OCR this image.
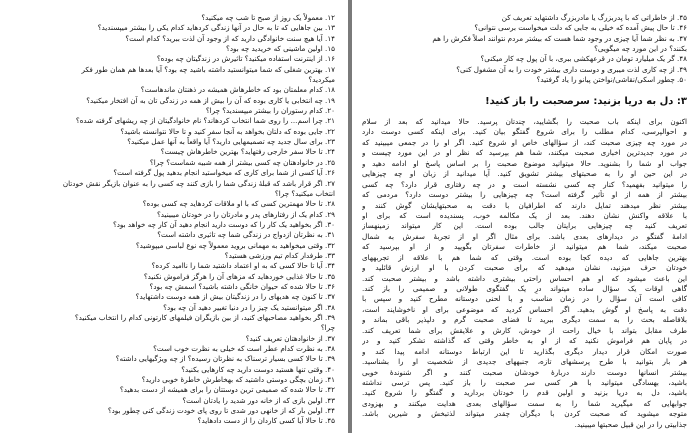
۱۲. معمولاً یک روز از صبح تا شب چه میکنید؟
۱۳. بین جاهایی که تا به حال در آنها زندگی کردهاید کدام یکی را بیشتر میپسندید؟
۱۴. آیا هیچ سنت خانوادگی دارید که از وجود آن لذت ببرید؟ کدام است؟
۱۵. اولین ماشینی که خریدید چه بود؟
۱۶. از اینترنت استفاده میکنید؟ تاثیرش در زندگیتان چه بوده؟
۱۷. بهترین شغلی که شما میتوانستید داشته باشید چه بود؟ آیا بعدها هم همان طور فکر
میکردید؟
۱۸. کدام معلمتان بود که خاطرهاش همیشه در ذهنتان ماندهاست؟
۱۹. چه انتخابی یا کاری بوده که آن را بیش از همه در زندگی تان به آن افتخار میکنید؟
۲۰. کدام رستوران را بیشتر میپسندید؟ چرا؟
۲۱. چرا اسم... را روی شما انتخاب کردهاند؟ نام خانوادگیتان از چه ریشهای گرفته شده؟
۲۲. جایی بوده که دلتان بخواهد به آنجا سفر کنید و تا حالا نتوانسته باشید؟
۲۳. برای سال جدید چه تصمیمهایی دارید؟ آیا واقعاً به آنها عمل میکنید؟
۲۴. تا حالا سفر خارجی رفتهاید؟ بهترین خاطرهاش چیست؟
۲۵. در خانوادهتان چه کسی بیشتر از همه شبیه شماست؟ چرا؟
۲۶. آیا کسی از شما برای کاری که میخواستید انجام بدهید پول گرفته است؟
۲۷. اگر قرار باشد که قبلهٔ زندگی شما را بازی کنند چه کسی را به عنوان بازیگر نقش خودتان
انتخاب میکنید؟ چرا؟
۲۸. تا حالا مهمترین کسی که با او ملاقات کردهاید چه کسی بوده؟
۲۹. کدام یک از رفتارهای پدر و مادرتان را در خودتان میبینید؟
۳۰. اگر بخواهید یک کار را که دوست دارید انجام دهید آن کار چه خواهد بود؟
۳۱. به نظرتان ازدواج در زندگی شما چه تاثیری داشته است؟
۳۲. وقتی میخواهید به مهمانی بروید معمولاً چه نوع لباسی میپوشید؟
۳۳. طرفدار کدام تیم ورزشی هستید؟
۳۴. آیا تا حالا کسی که به او اعتماد داشتید شما را ناامید کرده؟
۳۵. تا حالا غذایی خوردهاید که مزهای آن را هرگز فراموش نکنید؟
۳۶. تا حالا شده که حیوان خانگی داشته باشید؟ اسمش چه بود؟
۳۷. تا کنون چه هدیهای را در زندگیتان بیش از همه دوست داشتهاید؟
۳۸. اگر میتوانستید یک چیز را در دنیا تغییر دهید آن چه بود؟
۳۹. اگر بخواهید مصاحبهای کنید، از بین بازیگران فیلمهای کارتونی کدام را انتخاب میکنید؟
چرا؟
۳۷. از خانوادهتان تعریف کنید؟
۳۸. به نظرت کدام عطر است که خیلی به نظرت خوب است؟
۳۹. تا حالا کسی بسیار ترسناک به نظرتان رسیده؟ از چه ویژگیهایی داشته؟
۴۰. وقتی تنها هستید دوست دارید چه کارهایی بکنید؟
۴۱. زمان بچگی دوستی داشتید که بهخاطرش خاطرهٔ خوبی دارید؟
۴۲. تا حالا شده که صمیمی ترین دوستتان را برای همیشه از دست بدهید؟
۴۳. اولین بازی که از خانه دور شدید را یادتان است؟
۴۴. اولین بار که از خانهی دور شدی تا روی پای خودت زندگی کنی چطور بود؟
۴۵. تا حالا آیا کسی کاردان را از دست دادهاید؟
۴۵. از خاطراتی که با پدربزرگ یا مادربزرگ داشتهاید تعریف کن
۴۶. تا حال پیش آمده که خیلی به جایی که دلت میخواست برسی نتوانی؟
۴۷. به نظر شما آیا چیزی در وجود شما هست که بیشتر مردم نتوانند اصلاً فکرش را هم
بکنند؟ در این مورد چه میگویی؟
۴۸. گر یک میلیارد تومان در قرعهکشی ببری، با آن پول چه کار میکنی؟
۴۹. از چه کاری لذت میبری و دوست داری بیشتر خودت را به آن مشغول کنی؟
۵۰. چطور اسکی/نقاشی/نواختن پیانو را یاد گرفتید؟
۳: دل به دریا بزنید: سرصحبت را باز کنید!
اکنون برای اینکه باب صحبت را بگشایید، چندتان پرسید. حالا میدانید که بعد از سلام
و احوالپرسی، کدام مطلب را برای شروع گفتگو بیان کنید. برای اینکه کسی دوست دارد
در مورد چه چیزی صحبت کند، از سؤالهای خاص او شروع کنید. اگر او را در جمعی میبینید که
در مورد جدیدترین اخباری صحبت میکنند، شما هم بپرسید که نظر او در این مورد چیست و
جواب او شما را بشنوید. حالا میتوانید موضوع صحبت را بر اساس پاسخ او ادامه دهید و
در این حین او را به صحبتهای بیشتر تشویق کنید. آیا میدانید از زبان او چه چیزهایی
را میتوانید بفهمید؟ کنار چه کسی نشسته است و در چه رفتاری قرار دارد؟ چه کسی
بیشتر از همه از او تأثیر گرفته است؟ چه چیزهایی را بیشتر دوست دارد؟ مردمی که
بیشتر نظر میدهند تمایل دارند که اطرافیان با دقت به صحبتهایشان گوش کنند و
با علاقه واکنش نشان دهند. بعد از یک مکالمه خوب، پسندیده است که برای او
تعریف کنید چه چیزهایی برایتان جالب بوده است. این کار میتواند زمینهساز
ادامهٔ گفتگو در دیدارهای بعدی باشد. برای مثال اگر او از تجربهٔ سفرش به شمال
صحبت میکند، شما هم میتوانید از خاطرات سفرتان بگویید و از او بپرسید که
بهترین جاهایی که دیده کجا بوده است. وقتی که شما هم با علاقه از تجربههای
خودتان حرف میزنید، نشان میدهید که برای صحبت کردن با او ارزش قائلید و
این باعث میشود که او هم احساس راحتی بیشتری داشته باشد و بیشتر صحبت کند.
گاهی اوقات یک سؤال ساده میتواند درِ یک گفتگوی طولانی و صمیمی را باز کند.
کافی است آن سؤال را در زمان مناسب و با لحنی دوستانه مطرح کنید و سپس با
دقت به پاسخ او گوش بدهید. اگر احساس کردید که موضوعی برای او ناخوشایند است،
بلافاصله بحث را به سمت دیگری ببرید تا فضای صحبت گرم و دلپذیر باقی بماند و
طرف مقابل بتواند با خیال راحت از خودش، کارش و علایقش برای شما تعریف کند.
در پایان هم فراموش نکنید که از او به خاطر وقتی که گذاشته تشکر کنید و در
صورت امکان قرار دیدار دیگری بگذارید تا این ارتباط دوستانه ادامه پیدا کند و
هر بار بتوانید با طرح پرسشهای تازه، جنبههای جدیدی از شخصیت او را بشناسید.
بیشتر انسانها دوست دارند دربارهٔ خودشان صحبت کنند و اگر شنوندهٔ خوبی
باشید، بهسادگی میتوانید با هر کسی سر صحبت را باز کنید. پس ترسی نداشته
باشید، دل به دریا بزنید و اولین قدم را خودتان بردارید و گفتگو را شروع کنید.
جوابهایی که میگیرید شما را به سمت سؤالهای بعدی هدایت میکنند و بهزودی
متوجه میشوید که صحبت کردن با دیگران چقدر میتواند لذتبخش و شیرین باشد.
جذابیتی را در این قبیل صحبتها میبینید.
